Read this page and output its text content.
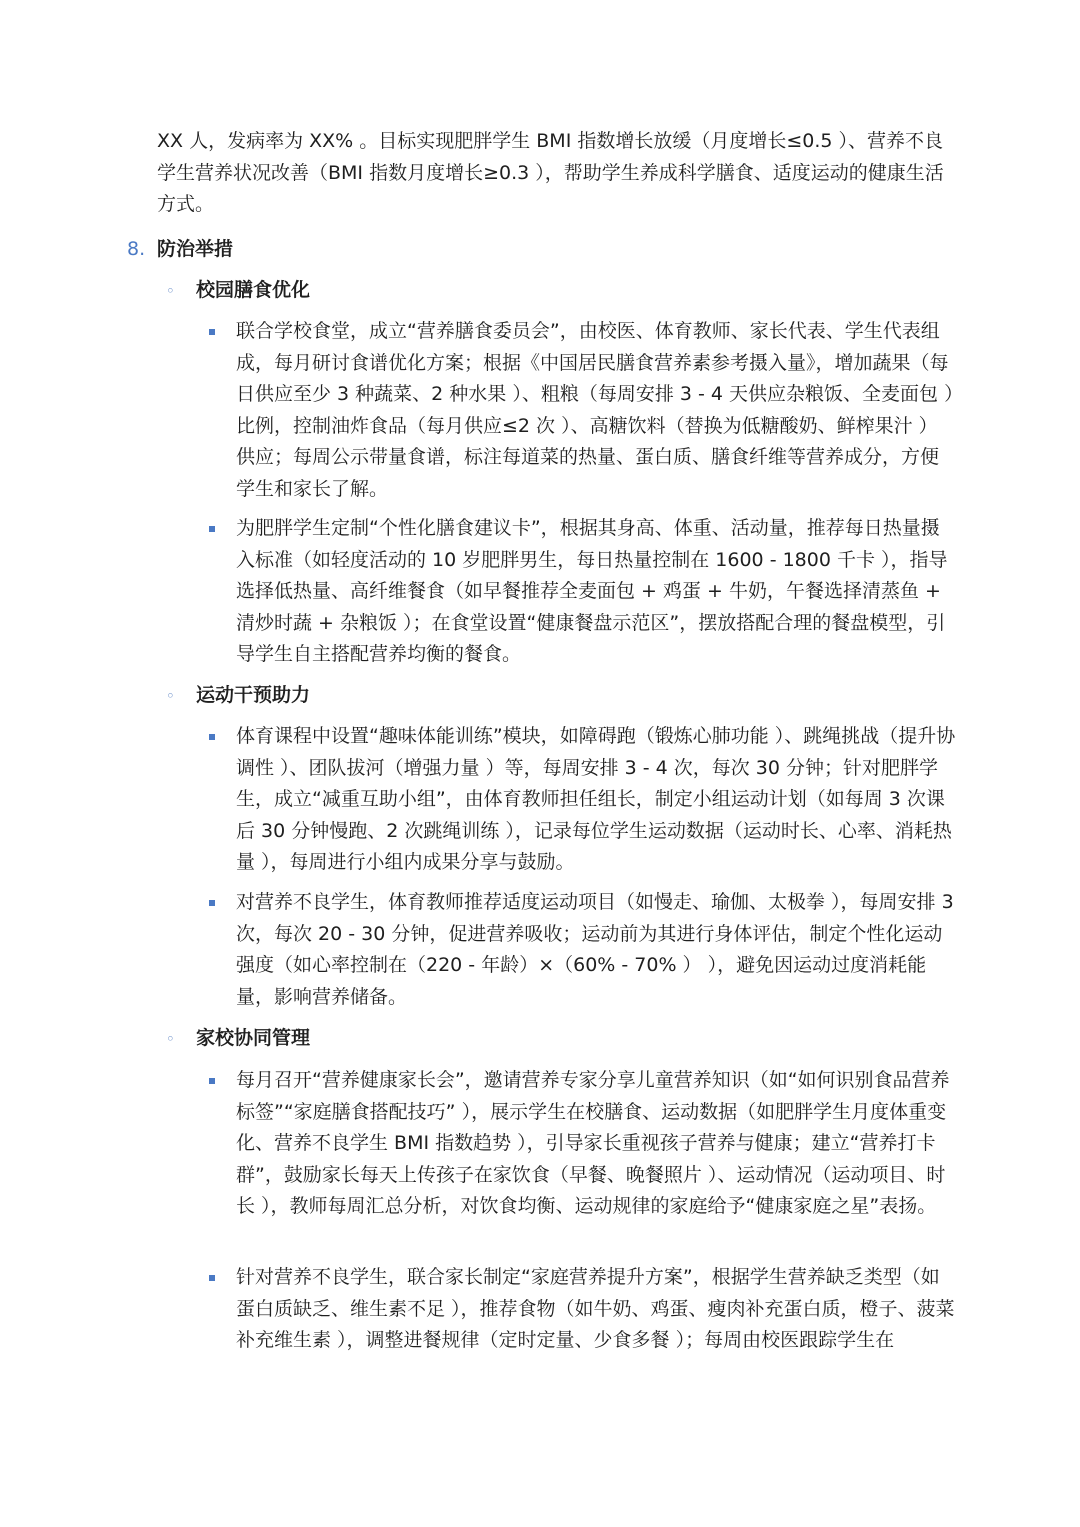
XX 人，发病率为 XX% 。目标实现肥胖学生 BMI 指数增长放缓（月度增长≤0.5 ）、营养不良学生营养状况改善（BMI 指数月度增长≥0.3 ），帮助学生养成科学膳食、适度运动的健康生活方式。
8. 防治举措
◦ 校园膳食优化
联合学校食堂，成立“营养膳食委员会”，由校医、体育教师、家长代表、学生代表组成，每月研讨食谱优化方案；根据《中国居民膳食营养素参考摄入量》，增加蔬果（每日供应至少 3 种蔬菜、2 种水果 ）、粗粮（每周安排 3 - 4 天供应杂粮饭、全麦面包 ）比例，控制油炸食品（每月供应≤2 次 ）、高糖饮料（替换为低糖酸奶、鲜榨果汁 ）供应；每周公示带量食谱，标注每道菜的热量、蛋白质、膳食纤维等营养成分，方便学生和家长了解。
为肥胖学生定制“个性化膳食建议卡”，根据其身高、体重、活动量，推荐每日热量摄入标准（如轻度活动的 10 岁肥胖男生，每日热量控制在 1600 - 1800 千卡 ），指导选择低热量、高纤维餐食（如早餐推荐全麦面包 + 鸡蛋 + 牛奶，午餐选择清蒸鱼 + 清炒时蔬 + 杂粮饭 ）；在食堂设置“健康餐盘示范区”，摆放搭配合理的餐盘模型，引导学生自主搭配营养均衡的餐食。
◦ 运动干预助力
体育课程中设置“趣味体能训练”模块，如障碍跑（锻炼心肺功能 ）、跳绳挑战（提升协调性 ）、团队拔河（增强力量 ）等，每周安排 3 - 4 次，每次 30 分钟；针对肥胖学生，成立“减重互助小组”，由体育教师担任组长，制定小组运动计划（如每周 3 次课后 30 分钟慢跑、2 次跳绳训练 ），记录每位学生运动数据（运动时长、心率、消耗热量 ），每周进行小组内成果分享与鼓励。
对营养不良学生，体育教师推荐适度运动项目（如慢走、瑜伽、太极拳 ），每周安排 3 次，每次 20 - 30 分钟，促进营养吸收；运动前为其进行身体评估，制定个性化运动强度（如心率控制在（220 - 年龄）×（60% - 70% ） ），避免因运动过度消耗能量，影响营养储备。
◦ 家校协同管理
每月召开“营养健康家长会”，邀请营养专家分享儿童营养知识（如“如何识别食品营养标签”“家庭膳食搭配技巧” ），展示学生在校膳食、运动数据（如肥胖学生月度体重变化、营养不良学生 BMI 指数趋势 ），引导家长重视孩子营养与健康；建立“营养打卡群”，鼓励家长每天上传孩子在家饮食（早餐、晚餐照片 ）、运动情况（运动项目、时长 ），教师每周汇总分析，对饮食均衡、运动规律的家庭给予“健康家庭之星”表扬。
针对营养不良学生，联合家长制定“家庭营养提升方案”，根据学生营养缺乏类型（如蛋白质缺乏、维生素不足 ），推荐食物（如牛奶、鸡蛋、瘦肉补充蛋白质，橙子、菠菜补充维生素 ），调整进餐规律（定时定量、少食多餐 ）；每周由校医跟踪学生在
